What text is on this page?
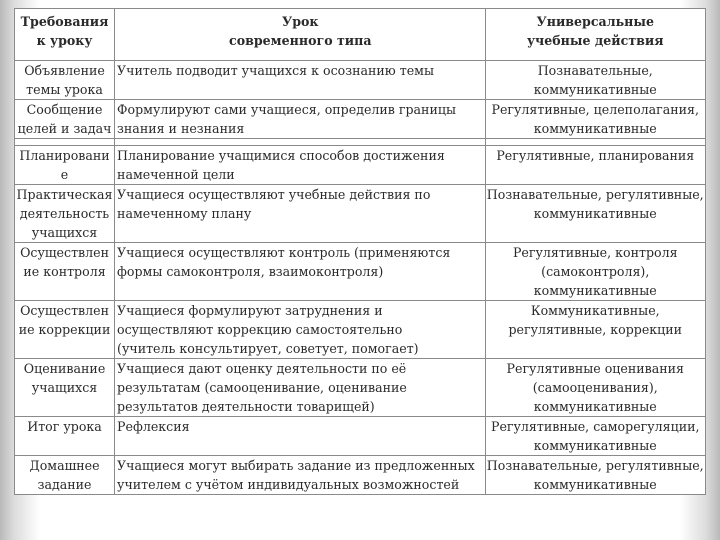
Требования
к уроку	Урок
современного типа	Универсальные
учебные действия

Объявление
темы урока	Учитель подводит учащихся к осознанию темы	Познавательные,
коммуникативные

Сообщение
целей и задач	Формулируют сами учащиеся, определив границы
знания и незнания	Регулятивные, целеполагания,
коммуникативные

Планировани
е	Планирование учащимися способов достижения
намеченной цели	Регулятивные, планирования

Практическая
деятельность
учащихся	Учащиеся осуществляют учебные действия по
намеченному плану	Познавательные, регулятивные,
коммуникативные

Осуществлен
ие контроля	Учащиеся осуществляют контроль (применяются
формы самоконтроля, взаимоконтроля)	Регулятивные, контроля
(самоконтроля),
коммуникативные

Осуществлен
ие коррекции	Учащиеся формулируют затруднения и
осуществляют коррекцию самостоятельно
(учитель консультирует, советует, помогает)	Коммуникативные,
регулятивные, коррекции

Оценивание
учащихся	Учащиеся дают оценку деятельности по её
результатам (самооценивание, оценивание
результатов деятельности товарищей)	Регулятивные оценивания
(самооценивания),
коммуникативные

Итог урока	Рефлексия	Регулятивные, саморегуляции,
коммуникативные

Домашнее
задание	Учащиеся могут выбирать задание из предложенных
учителем с учётом индивидуальных возможностей	Познавательные, регулятивные,
коммуникативные
